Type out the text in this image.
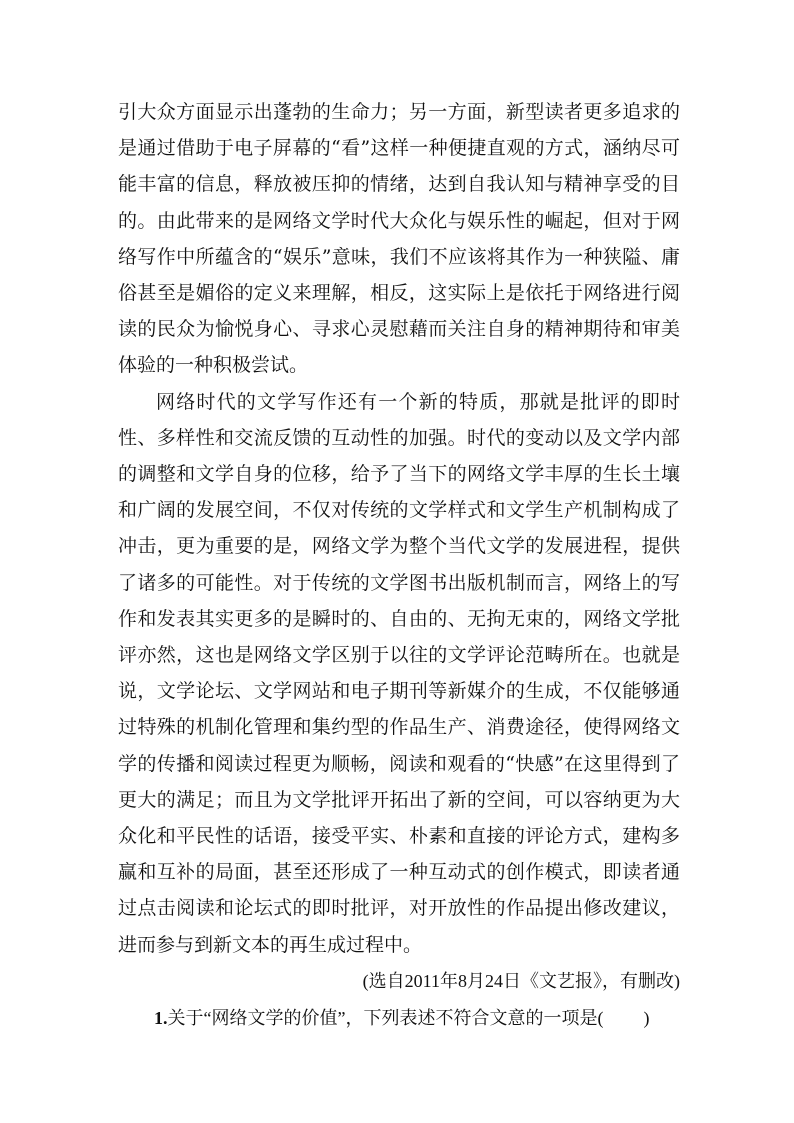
引大众方面显示出蓬勃的生命力；另一方面，新型读者更多追求的是通过借助于电子屏幕的“看”这样一种便捷直观的方式，涵纳尽可能丰富的信息，释放被压抑的情绪，达到自我认知与精神享受的目的。由此带来的是网络文学时代大众化与娱乐性的崛起，但对于网络写作中所蕴含的“娱乐”意味，我们不应该将其作为一种狭隘、庸俗甚至是媚俗的定义来理解，相反，这实际上是依托于网络进行阅读的民众为愉悦身心、寻求心灵慰藉而关注自身的精神期待和审美体验的一种积极尝试。

网络时代的文学写作还有一个新的特质，那就是批评的即时性、多样性和交流反馈的互动性的加强。时代的变动以及文学内部的调整和文学自身的位移，给予了当下的网络文学丰厚的生长土壤和广阔的发展空间，不仅对传统的文学样式和文学生产机制构成了冲击，更为重要的是，网络文学为整个当代文学的发展进程，提供了诸多的可能性。对于传统的文学图书出版机制而言，网络上的写作和发表其实更多的是瞬时的、自由的、无拘无束的，网络文学批评亦然，这也是网络文学区别于以往的文学评论范畴所在。也就是说，文学论坛、文学网站和电子期刊等新媒介的生成，不仅能够通过特殊的机制化管理和集约型的作品生产、消费途径，使得网络文学的传播和阅读过程更为顺畅，阅读和观看的“快感”在这里得到了更大的满足；而且为文学批评开拓出了新的空间，可以容纳更为大众化和平民性的话语，接受平实、朴素和直接的评论方式，建构多赢和互补的局面，甚至还形成了一种互动式的创作模式，即读者通过点击阅读和论坛式的即时批评，对开放性的作品提出修改建议，进而参与到新文本的再生成过程中。

(选自2011年8月24日《文艺报》，有删改)

1.关于“网络文学的价值”，下列表述不符合文意的一项是( )
